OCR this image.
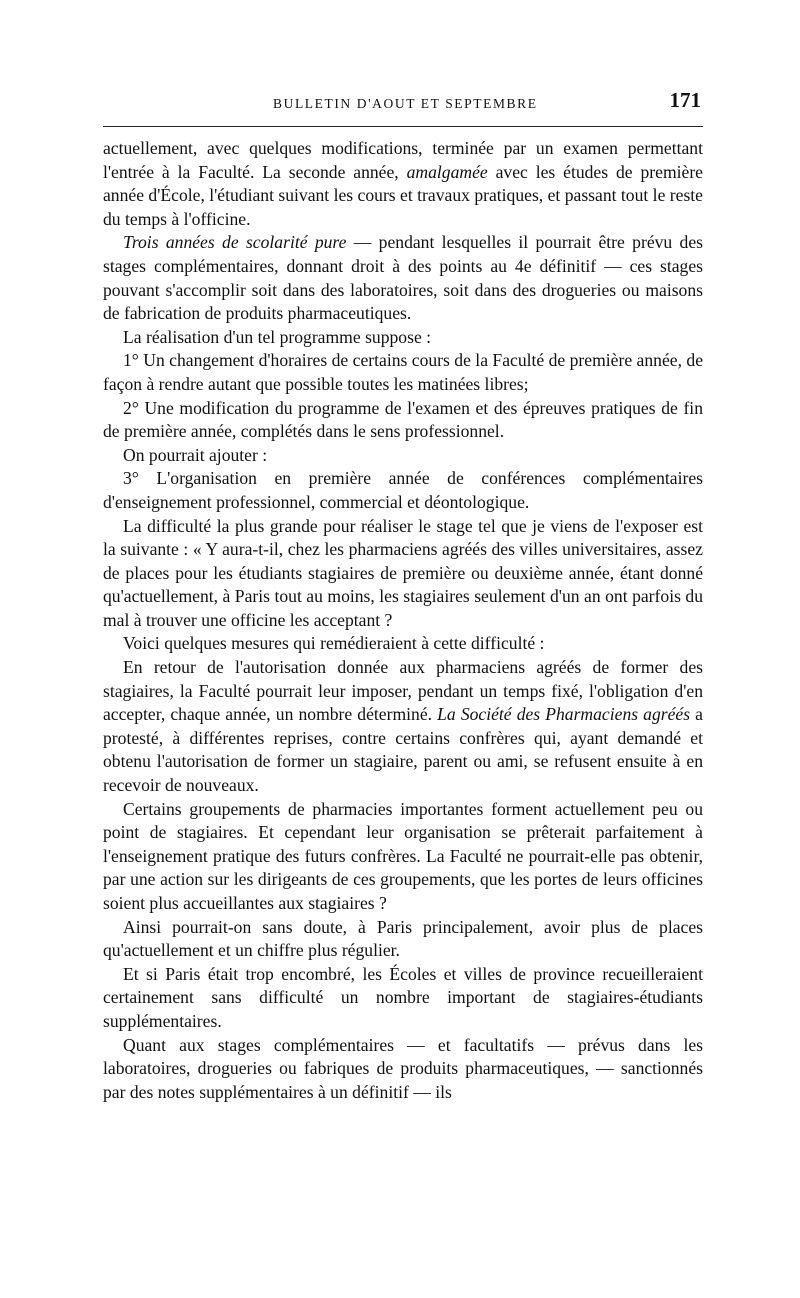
BULLETIN D'AOUT ET SEPTEMBRE	171

actuellement, avec quelques modifications, terminée par un examen permettant l'entrée à la Faculté. La seconde année, amalgamée avec les études de première année d'École, l'étudiant suivant les cours et travaux pratiques, et passant tout le reste du temps à l'officine.

Trois années de scolarité pure — pendant lesquelles il pourrait être prévu des stages complémentaires, donnant droit à des points au 4e définitif — ces stages pouvant s'accomplir soit dans des laboratoires, soit dans des drogueries ou maisons de fabrication de produits pharmaceutiques.

La réalisation d'un tel programme suppose :

1° Un changement d'horaires de certains cours de la Faculté de première année, de façon à rendre autant que possible toutes les matinées libres;

2° Une modification du programme de l'examen et des épreuves pratiques de fin de première année, complétés dans le sens professionnel.

On pourrait ajouter :

3° L'organisation en première année de conférences complémentaires d'enseignement professionnel, commercial et déontologique.

La difficulté la plus grande pour réaliser le stage tel que je viens de l'exposer est la suivante : « Y aura-t-il, chez les pharmaciens agréés des villes universitaires, assez de places pour les étudiants stagiaires de première ou deuxième année, étant donné qu'actuellement, à Paris tout au moins, les stagiaires seulement d'un an ont parfois du mal à trouver une officine les acceptant ?

Voici quelques mesures qui remédieraient à cette difficulté :

En retour de l'autorisation donnée aux pharmaciens agréés de former des stagiaires, la Faculté pourrait leur imposer, pendant un temps fixé, l'obligation d'en accepter, chaque année, un nombre déterminé. La Société des Pharmaciens agréés a protesté, à différentes reprises, contre certains confrères qui, ayant demandé et obtenu l'autorisation de former un stagiaire, parent ou ami, se refusent ensuite à en recevoir de nouveaux.

Certains groupements de pharmacies importantes forment actuellement peu ou point de stagiaires. Et cependant leur organisation se prêterait parfaitement à l'enseignement pratique des futurs confrères. La Faculté ne pourrait-elle pas obtenir, par une action sur les dirigeants de ces groupements, que les portes de leurs officines soient plus accueillantes aux stagiaires ?

Ainsi pourrait-on sans doute, à Paris principalement, avoir plus de places qu'actuellement et un chiffre plus régulier.

Et si Paris était trop encombré, les Écoles et villes de province recueilleraient certainement sans difficulté un nombre important de stagiaires-étudiants supplémentaires.

Quant aux stages complémentaires — et facultatifs — prévus dans les laboratoires, drogueries ou fabriques de produits pharmaceutiques, — sanctionnés par des notes supplémentaires à un définitif — ils
